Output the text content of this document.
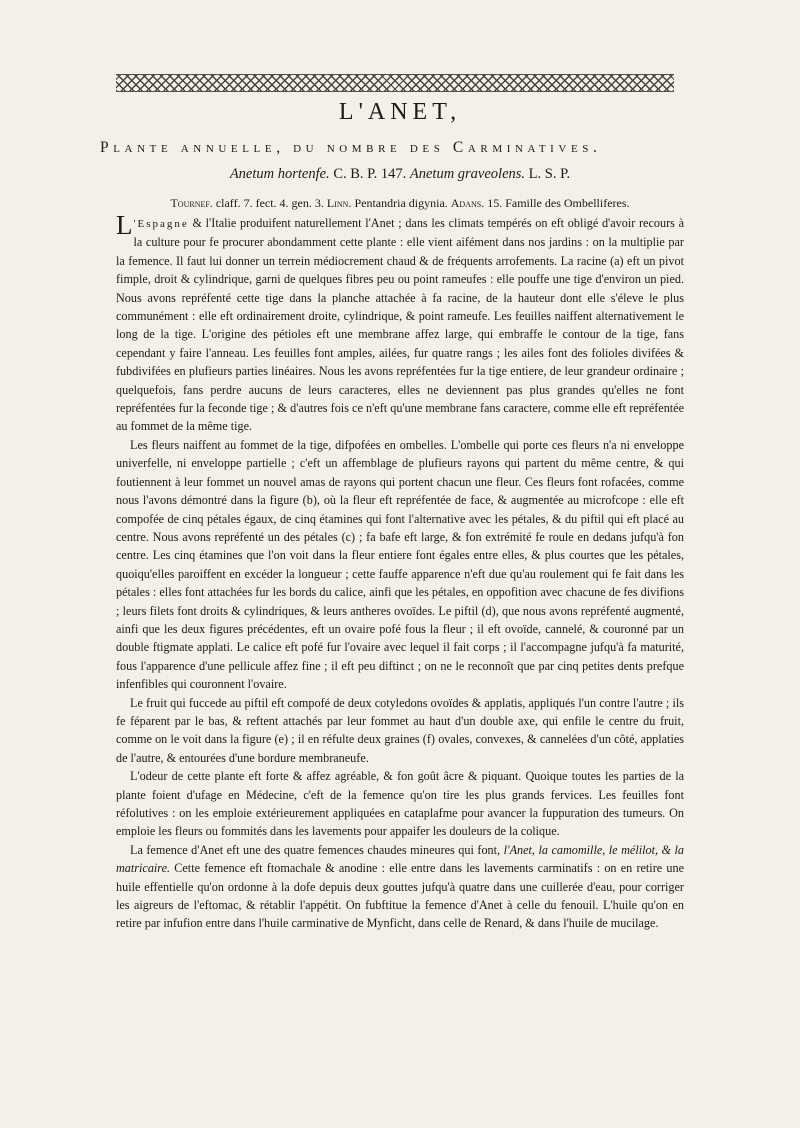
L'ANET,
Plante annuelle, du nombre des Carminatives.
Anetum hortenfe. C. B. P. 147. Anetum graveolens. L. S. P.
Tournef. claff. 7. fect. 4. gen. 3. Linn. Pentandria digynia. Adans. 15. Famille des Ombelliferes.

L 'Espagne & l'Italie produifent naturellement l'Anet ; dans les climats tempérés on eft obligé d'avoir recours à la culture pour fe procurer abondamment cette plante : elle vient aifément dans nos jardins : on la multiplie par la femence. Il faut lui donner un terrein médiocrement chaud & de fréquents arrofements. La racine (a) eft un pivot fimple, droit & cylindrique, garni de quelques fibres peu ou point rameufes : elle pouffe une tige d'environ un pied. Nous avons repréfenté cette tige dans la planche attachée à fa racine, de la hauteur dont elle s'éleve le plus communément : elle eft ordinairement droite, cylindrique, & point rameufe. Les feuilles naiffent alternativement le long de la tige. L'origine des pétioles eft une membrane affez large, qui embraffe le contour de la tige, fans cependant y faire l'anneau. Les feuilles font amples, ailées, fur quatre rangs ; les ailes font des folioles divifées & fubdivifées en plufieurs parties linéaires. Nous les avons repréfentées fur la tige entiere, de leur grandeur ordinaire ; quelquefois, fans perdre aucuns de leurs caracteres, elles ne deviennent pas plus grandes qu'elles ne font repréfentées fur la feconde tige ; & d'autres fois ce n'eft qu'une membrane fans caractere, comme elle eft repréfentée au fommet de la même tige.

Les fleurs naiffent au fommet de la tige, difpofées en ombelles. L'ombelle qui porte ces fleurs n'a ni enveloppe univerfelle, ni enveloppe partielle ; c'eft un affemblage de plufieurs rayons qui partent du même centre, & qui foutiennent à leur fommet un nouvel amas de rayons qui portent chacun une fleur. Ces fleurs font rofacées, comme nous l'avons démontré dans la figure (b), où la fleur eft repréfentée de face, & augmentée au microfcope : elle eft compofée de cinq pétales égaux, de cinq étamines qui font l'alternative avec les pétales, & du piftil qui eft placé au centre. Nous avons repréfenté un des pétales (c) ; fa bafe eft large, & fon extrémité fe roule en dedans jufqu'à fon centre. Les cinq étamines que l'on voit dans la fleur entiere font égales entre elles, & plus courtes que les pétales, quoiqu'elles paroiffent en excéder la longueur ; cette fauffe apparence n'eft due qu'au roulement qui fe fait dans les pétales : elles font attachées fur les bords du calice, ainfi que les pétales, en oppofition avec chacune de fes divifions ; leurs filets font droits & cylindriques, & leurs antheres ovoïdes. Le piftil (d), que nous avons repréfenté augmenté, ainfi que les deux figures précédentes, eft un ovaire pofé fous la fleur ; il eft ovoïde, cannelé, & couronné par un double ftigmate applati. Le calice eft pofé fur l'ovaire avec lequel il fait corps ; il l'accompagne jufqu'à fa maturité, fous l'apparence d'une pellicule affez fine ; il eft peu diftinct ; on ne le reconnoît que par cinq petites dents prefque infenfibles qui couronnent l'ovaire.

Le fruit qui fuccede au piftil eft compofé de deux cotyledons ovoïdes & applatis, appliqués l'un contre l'autre ; ils fe féparent par le bas, & reftent attachés par leur fommet au haut d'un double axe, qui enfile le centre du fruit, comme on le voit dans la figure (e) ; il en réfulte deux graines (f) ovales, convexes, & cannelées d'un côté, applaties de l'autre, & entourées d'une bordure membraneufe.

L'odeur de cette plante eft forte & affez agréable, & fon goût âcre & piquant. Quoique toutes les parties de la plante foient d'ufage en Médecine, c'eft de la femence qu'on tire les plus grands fervices. Les feuilles font réfolutives : on les emploie extérieurement appliquées en cataplafme pour avancer la fuppuration des tumeurs. On emploie les fleurs ou fommités dans les lavements pour appaifer les douleurs de la colique.

La femence d'Anet eft une des quatre femences chaudes mineures qui font, l'Anet, la camomille, le mélilot, & la matricaire. Cette femence eft ftomachale & anodine : elle entre dans les lavements carminatifs : on en retire une huile effentielle qu'on ordonne à la dofe depuis deux gouttes jufqu'à quatre dans une cuillerée d'eau, pour corriger les aigreurs de l'eftomac, & rétablir l'appétit. On fubftitue la femence d'Anet à celle du fenouil. L'huile qu'on en retire par infufion entre dans l'huile carminative de Mynficht, dans celle de Renard, & dans l'huile de mucilage.
